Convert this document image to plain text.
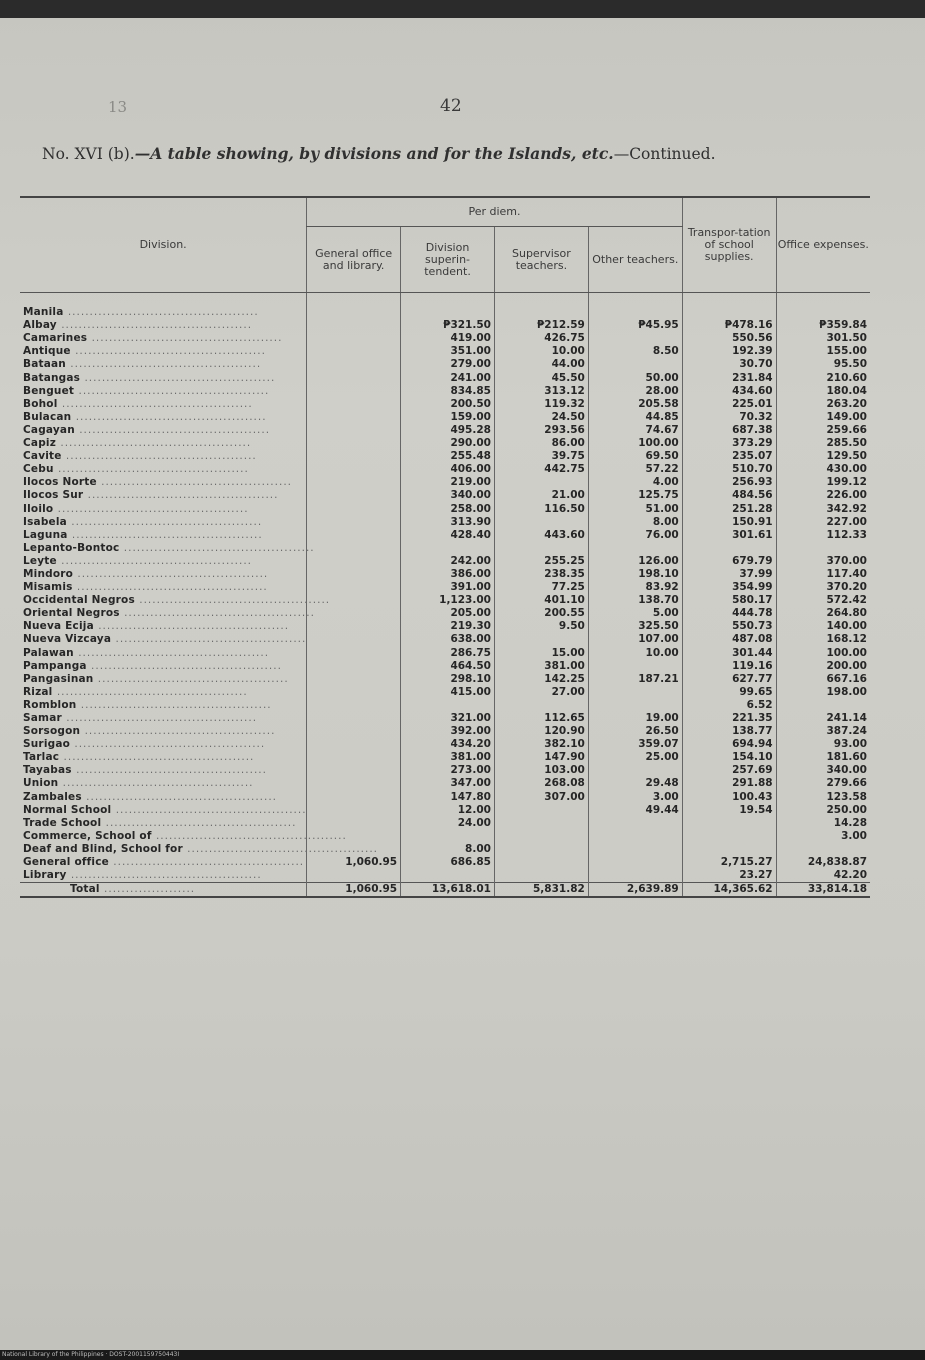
13	42
No. XVI (b).—A table showing, by divisions and for the Islands, etc.—Continued.
Division.	Per diem.				Transpor-tation of school supplies.	Office expenses.
	General office and library.	Division superin-tendent.	Supervisor teachers.	Other teachers.		

Manila ............................................						
Albay ............................................		₱321.50	₱212.59	₱45.95	₱478.16	₱359.84
Camarines ............................................		419.00	426.75		550.56	301.50
Antique ............................................		351.00	10.00	8.50	192.39	155.00
Bataan ............................................		279.00	44.00		30.70	95.50
Batangas ............................................		241.00	45.50	50.00	231.84	210.60
Benguet ............................................		834.85	313.12	28.00	434.60	180.04
Bohol ............................................		200.50	119.32	205.58	225.01	263.20
Bulacan ............................................		159.00	24.50	44.85	70.32	149.00
Cagayan ............................................		495.28	293.56	74.67	687.38	259.66
Capiz ............................................		290.00	86.00	100.00	373.29	285.50
Cavite ............................................		255.48	39.75	69.50	235.07	129.50
Cebu ............................................		406.00	442.75	57.22	510.70	430.00
Ilocos Norte ............................................		219.00		4.00	256.93	199.12
Ilocos Sur ............................................		340.00	21.00	125.75	484.56	226.00
Iloilo ............................................		258.00	116.50	51.00	251.28	342.92
Isabela ............................................		313.90		8.00	150.91	227.00
Laguna ............................................		428.40	443.60	76.00	301.61	112.33
Lepanto-Bontoc ............................................						
Leyte ............................................		242.00	255.25	126.00	679.79	370.00
Mindoro ............................................		386.00	238.35	198.10	37.99	117.40
Misamis ............................................		391.00	77.25	83.92	354.99	370.20
Occidental Negros ............................................		1,123.00	401.10	138.70	580.17	572.42
Oriental Negros ............................................		205.00	200.55	5.00	444.78	264.80
Nueva Ecija ............................................		219.30	9.50	325.50	550.73	140.00
Nueva Vizcaya ............................................		638.00		107.00	487.08	168.12
Palawan ............................................		286.75	15.00	10.00	301.44	100.00
Pampanga ............................................		464.50	381.00		119.16	200.00
Pangasinan ............................................		298.10	142.25	187.21	627.77	667.16
Rizal ............................................		415.00	27.00		99.65	198.00
Romblon ............................................					6.52	
Samar ............................................		321.00	112.65	19.00	221.35	241.14
Sorsogon ............................................		392.00	120.90	26.50	138.77	387.24
Surigao ............................................		434.20	382.10	359.07	694.94	93.00
Tarlac ............................................		381.00	147.90	25.00	154.10	181.60
Tayabas ............................................		273.00	103.00		257.69	340.00
Union ............................................		347.00	268.08	29.48	291.88	279.66
Zambales ............................................		147.80	307.00	3.00	100.43	123.58
Normal School ............................................		12.00		49.44	19.54	250.00
Trade School ............................................		24.00				14.28
Commerce, School of ............................................						3.00
Deaf and Blind, School for ............................................		8.00				
General office ............................................	1,060.95	686.85			2,715.27	24,838.87
Library ............................................					23.27	42.20
Total .....................	1,060.95	13,618.01	5,831.82	2,639.89	14,365.62	33,814.18
National Library of the Philippines · DOST-2001159750443I
